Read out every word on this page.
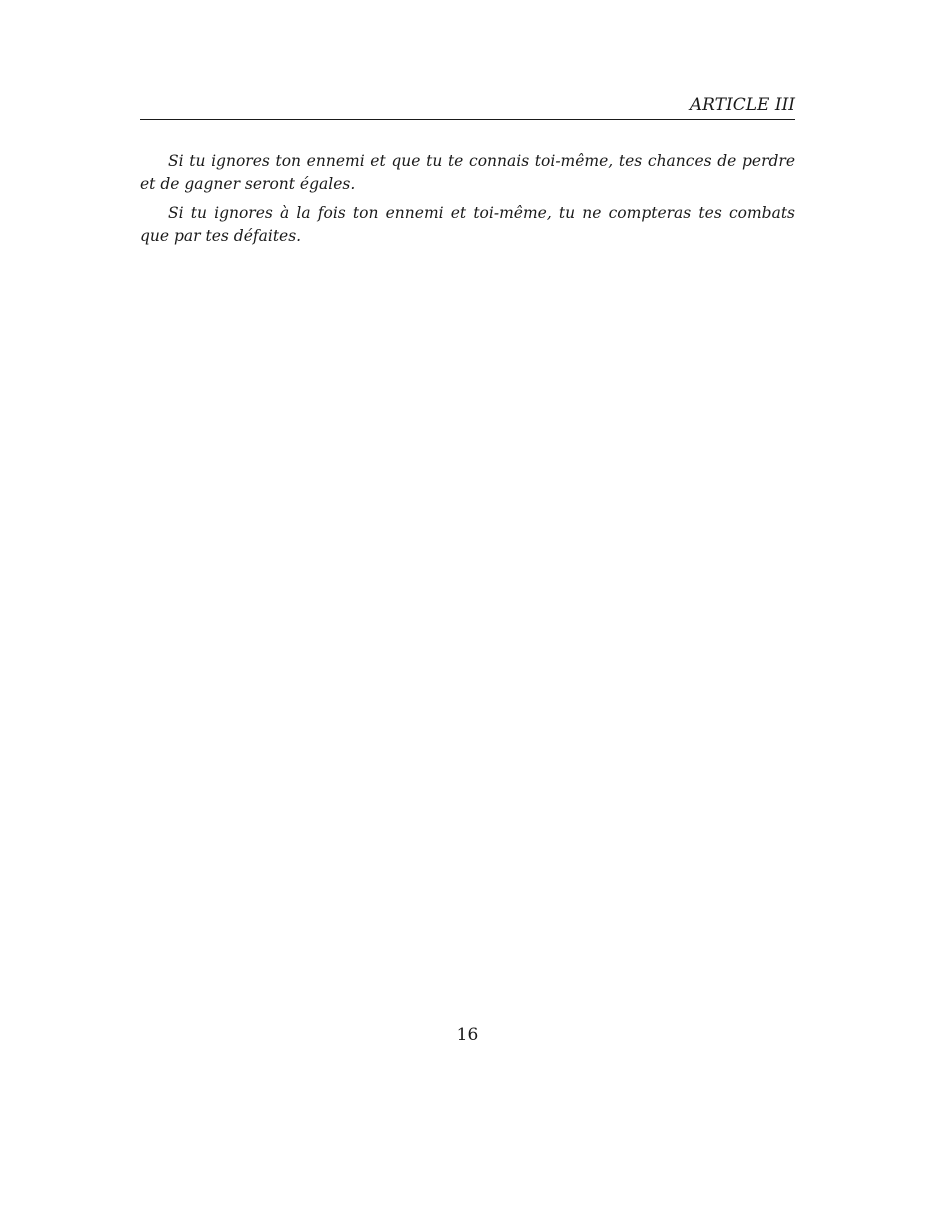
ARTICLE III

Si tu ignores ton ennemi et que tu te connais toi-même, tes chances de perdre et de gagner seront égales.

Si tu ignores à la fois ton ennemi et toi-même, tu ne compteras tes combats que par tes défaites.

16
